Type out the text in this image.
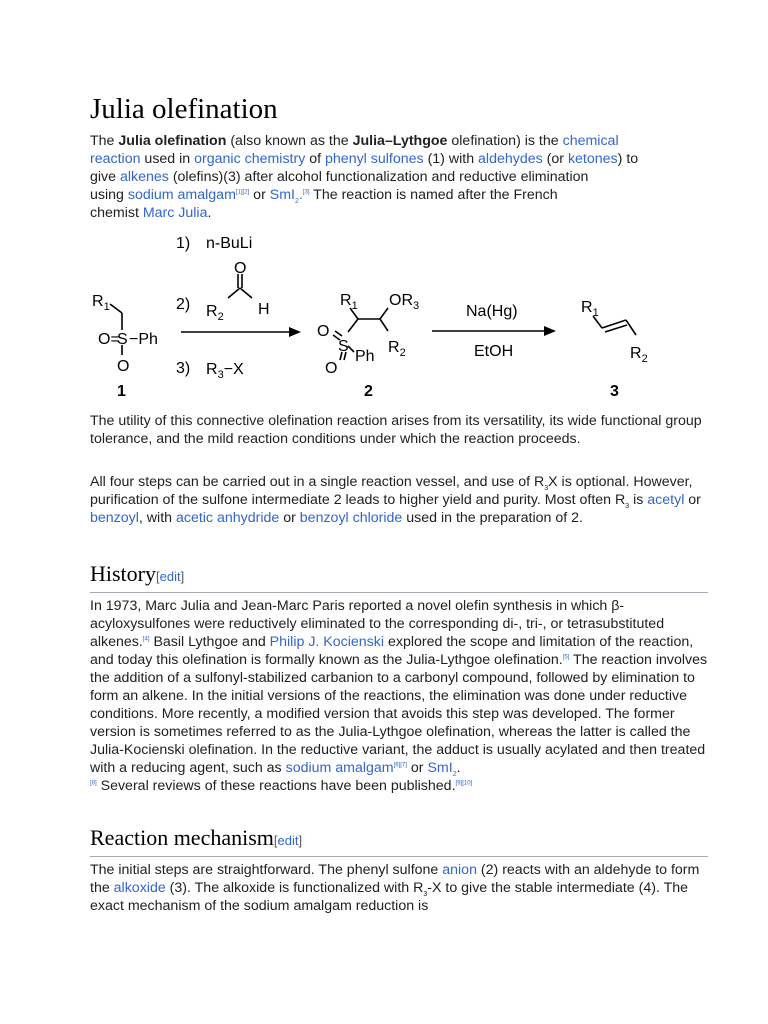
Julia olefination

The Julia olefination (also known as the Julia–Lythgoe olefination) is the chemical
reaction used in organic chemistry of phenyl sulfones (1) with aldehydes (or ketones) to
give alkenes (olefins)(3) after alcohol functionalization and reductive elimination
using sodium amalgam[1][2] or SmI$_2$.[3] The reaction is named after the French
chemist Marc Julia.

1) n-BuLi
O
2) $R_2$ H
3) $R_3-X$
$R_1$
O=
S −Ph
O
1
$R_1$ $OR_3$
O
S
Ph
$R_2$
O
2
Na(Hg)
EtOH
$R_1$
$R_2$
3

The utility of this connective olefination reaction arises from its versatility, its wide functional group tolerance, and the mild reaction conditions under which the reaction proceeds.

All four steps can be carried out in a single reaction vessel, and use of $R_3X$ is optional. However, purification of the sulfone intermediate 2 leads to higher yield and purity. Most often $R_3$ is acetyl or benzoyl, with acetic anhydride or benzoyl chloride used in the preparation of 2.

History[edit]

In 1973, Marc Julia and Jean-Marc Paris reported a novel olefin synthesis in which β-acyloxysulfones were reductively eliminated to the corresponding di-, tri-, or tetrasubstituted alkenes.[4] Basil Lythgoe and Philip J. Kocienski explored the scope and limitation of the reaction, and today this olefination is formally known as the Julia-Lythgoe olefination.[5] The reaction involves the addition of a sulfonyl-stabilized carbanion to a carbonyl compound, followed by elimination to form an alkene. In the initial versions of the reactions, the elimination was done under reductive conditions. More recently, a modified version that avoids this step was developed. The former version is sometimes referred to as the Julia-Lythgoe olefination, whereas the latter is called the Julia-Kocienski olefination. In the reductive variant, the adduct is usually acylated and then treated with a reducing agent, such as sodium amalgam[6][7] or SmI$_2$.
[8] Several reviews of these reactions have been published.[9][10]

Reaction mechanism[edit]

The initial steps are straightforward. The phenyl sulfone anion (2) reacts with an aldehyde to form the alkoxide (3). The alkoxide is functionalized with $R_3-X$ to give the stable intermediate (4). The exact mechanism of the sodium amalgam reduction is
